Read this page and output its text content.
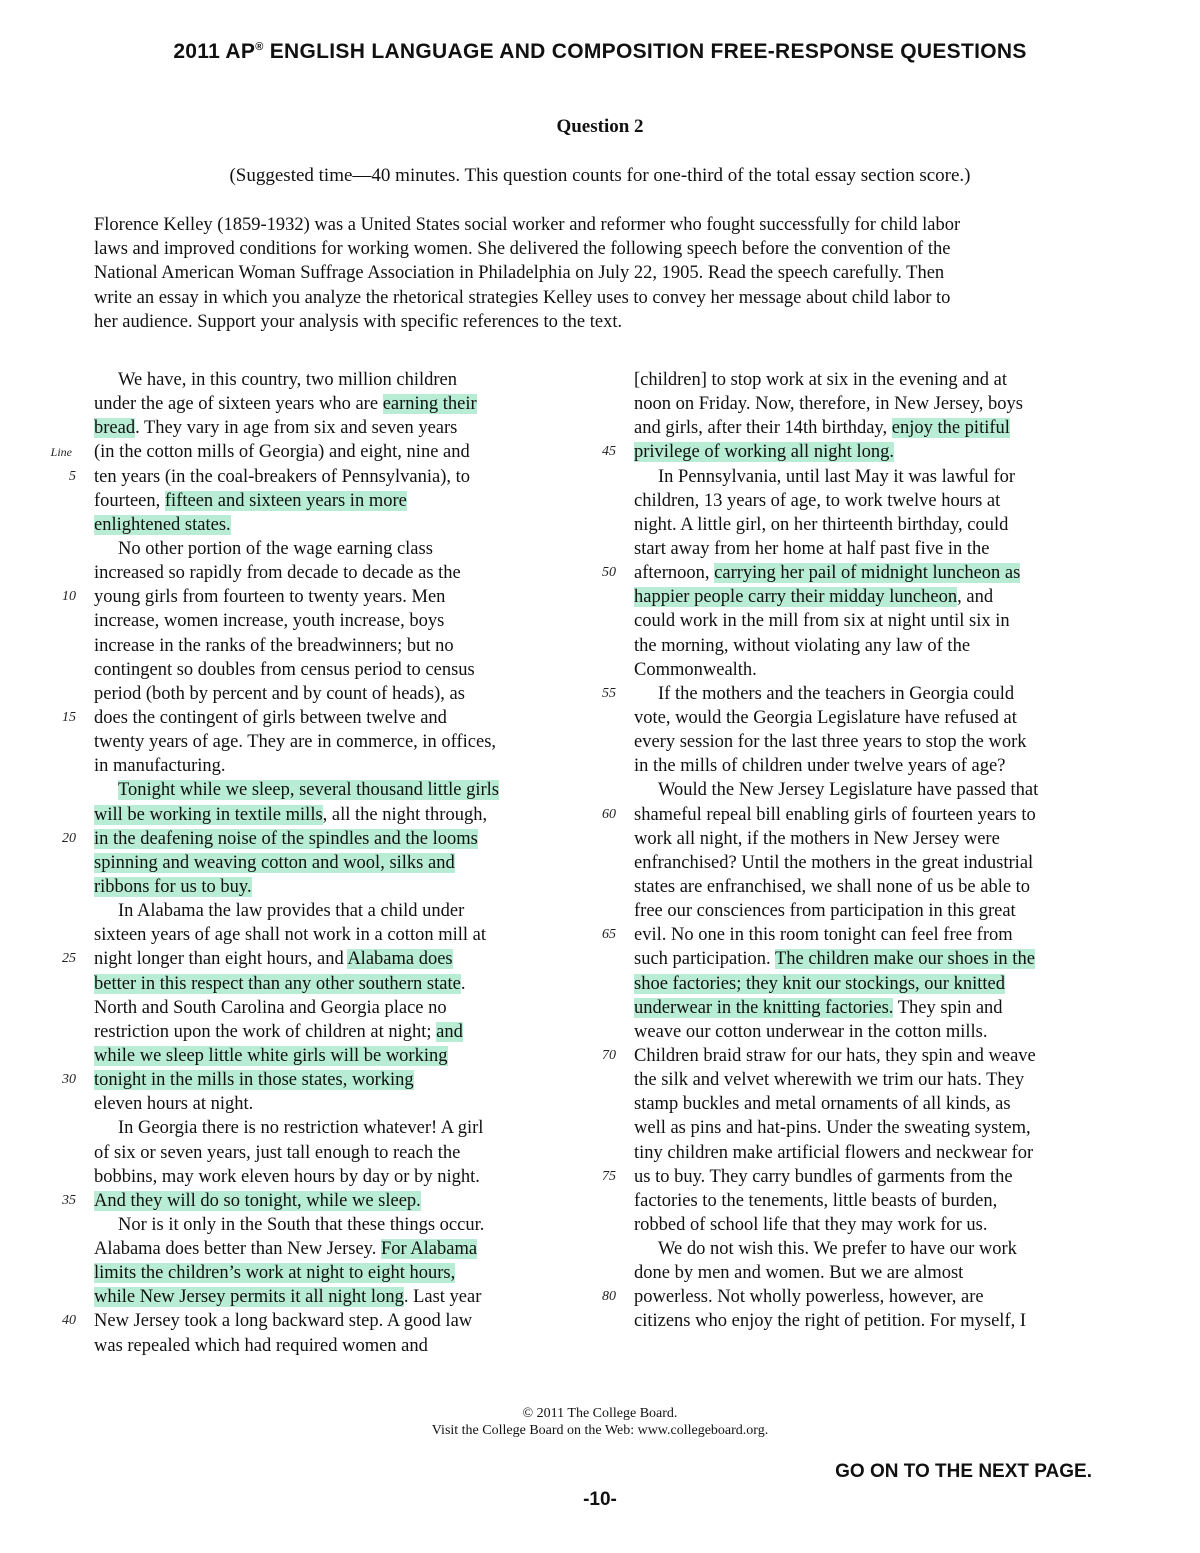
2011 AP® ENGLISH LANGUAGE AND COMPOSITION FREE-RESPONSE QUESTIONS
Question 2
(Suggested time—40 minutes. This question counts for one-third of the total essay section score.)

Florence Kelley (1859-1932) was a United States social worker and reformer who fought successfully for child labor

laws and improved conditions for working women. She delivered the following speech before the convention of the

National American Woman Suffrage Association in Philadelphia on July 22, 1905. Read the speech carefully. Then

write an essay in which you analyze the rhetorical strategies Kelley uses to convey her message about child labor to

her audience. Support your analysis with specific references to the text.

We have, in this country, two million children
under the age of sixteen years who are earning their
bread. They vary in age from six and seven years
Line (in the cotton mills of Georgia) and eight, nine and
5 ten years (in the coal-breakers of Pennsylvania), to
fourteen, fifteen and sixteen years in more
enlightened states.
No other portion of the wage earning class
increased so rapidly from decade to decade as the
10 young girls from fourteen to twenty years. Men
increase, women increase, youth increase, boys
increase in the ranks of the breadwinners; but no
contingent so doubles from census period to census
period (both by percent and by count of heads), as
15 does the contingent of girls between twelve and
twenty years of age. They are in commerce, in offices,
in manufacturing.
Tonight while we sleep, several thousand little girls
will be working in textile mills, all the night through,
20 in the deafening noise of the spindles and the looms
spinning and weaving cotton and wool, silks and
ribbons for us to buy.
In Alabama the law provides that a child under
sixteen years of age shall not work in a cotton mill at
25 night longer than eight hours, and Alabama does
better in this respect than any other southern state.
North and South Carolina and Georgia place no
restriction upon the work of children at night; and
while we sleep little white girls will be working
30 tonight in the mills in those states, working
eleven hours at night.
In Georgia there is no restriction whatever! A girl
of six or seven years, just tall enough to reach the
bobbins, may work eleven hours by day or by night.
35 And they will do so tonight, while we sleep.
Nor is it only in the South that these things occur.
Alabama does better than New Jersey. For Alabama
limits the children’s work at night to eight hours,
while New Jersey permits it all night long. Last year
40 New Jersey took a long backward step. A good law
was repealed which had required women and
[children] to stop work at six in the evening and at
noon on Friday. Now, therefore, in New Jersey, boys
and girls, after their 14th birthday, enjoy the pitiful
45 privilege of working all night long.
In Pennsylvania, until last May it was lawful for
children, 13 years of age, to work twelve hours at
night. A little girl, on her thirteenth birthday, could
start away from her home at half past five in the
50 afternoon, carrying her pail of midnight luncheon as
happier people carry their midday luncheon, and
could work in the mill from six at night until six in
the morning, without violating any law of the
Commonwealth.
55 If the mothers and the teachers in Georgia could
vote, would the Georgia Legislature have refused at
every session for the last three years to stop the work
in the mills of children under twelve years of age?
Would the New Jersey Legislature have passed that
60 shameful repeal bill enabling girls of fourteen years to
work all night, if the mothers in New Jersey were
enfranchised? Until the mothers in the great industrial
states are enfranchised, we shall none of us be able to
free our consciences from participation in this great
65 evil. No one in this room tonight can feel free from
such participation. The children make our shoes in the
shoe factories; they knit our stockings, our knitted
underwear in the knitting factories. They spin and
weave our cotton underwear in the cotton mills.
70 Children braid straw for our hats, they spin and weave
the silk and velvet wherewith we trim our hats. They
stamp buckles and metal ornaments of all kinds, as
well as pins and hat-pins. Under the sweating system,
tiny children make artificial flowers and neckwear for
75 us to buy. They carry bundles of garments from the
factories to the tenements, little beasts of burden,
robbed of school life that they may work for us.
We do not wish this. We prefer to have our work
done by men and women. But we are almost
80 powerless. Not wholly powerless, however, are
citizens who enjoy the right of petition. For myself, I
© 2011 The College Board.
Visit the College Board on the Web: www.collegeboard.org.
GO ON TO THE NEXT PAGE.
-10-
